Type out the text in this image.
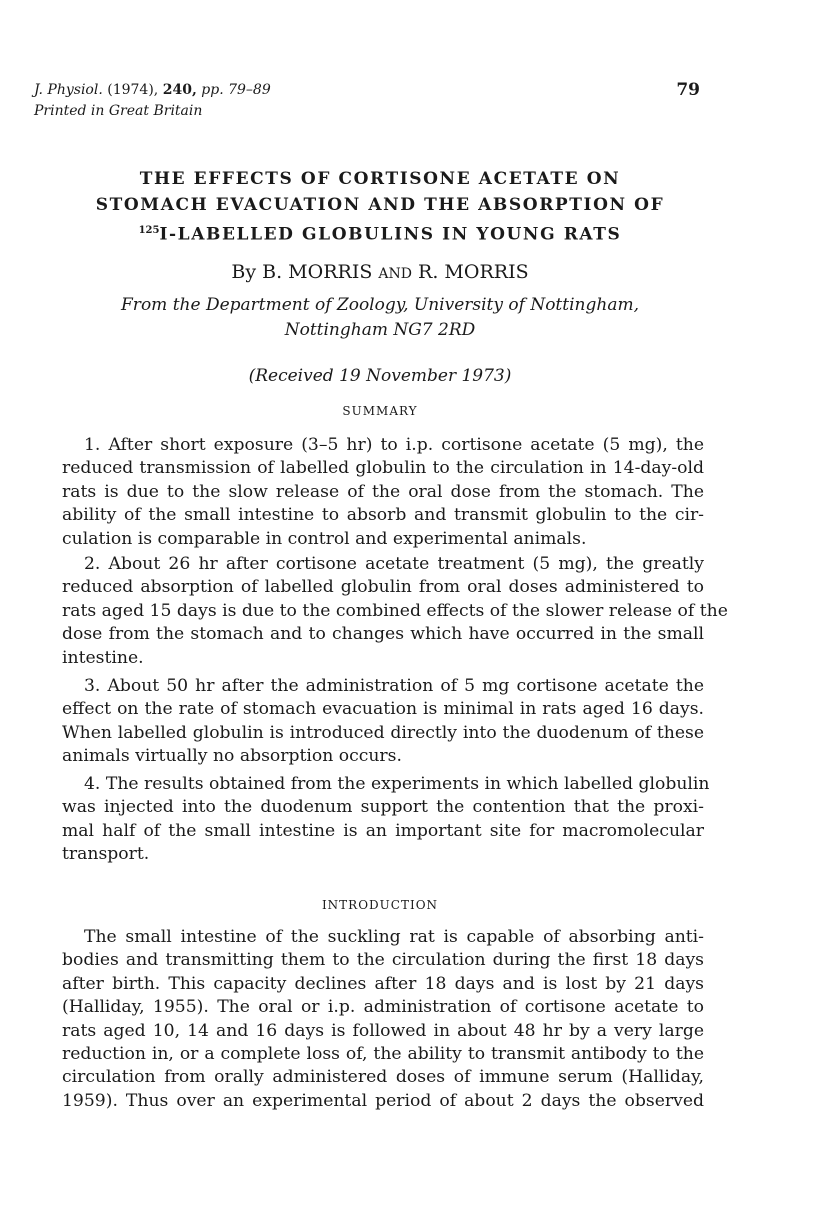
J. Physiol. (1974), 240, pp. 79–89
Printed in Great Britain
79
THE EFFECTS OF CORTISONE ACETATE ON
STOMACH EVACUATION AND THE ABSORPTION OF
$^{125}$I-LABELLED GLOBULINS IN YOUNG RATS
By B. MORRIS AND R. MORRIS
From the Department of Zoology, University of Nottingham,
Nottingham NG7 2RD
(Received 19 November 1973)
SUMMARY
1. After short exposure (3–5 hr) to i.p. cortisone acetate (5 mg), the
reduced transmission of labelled globulin to the circulation in 14-day-old
rats is due to the slow release of the oral dose from the stomach. The
ability of the small intestine to absorb and transmit globulin to the cir-
culation is comparable in control and experimental animals.
2. About 26 hr after cortisone acetate treatment (5 mg), the greatly
reduced absorption of labelled globulin from oral doses administered to
rats aged 15 days is due to the combined effects of the slower release of the
dose from the stomach and to changes which have occurred in the small
intestine.
3. About 50 hr after the administration of 5 mg cortisone acetate the
effect on the rate of stomach evacuation is minimal in rats aged 16 days.
When labelled globulin is introduced directly into the duodenum of these
animals virtually no absorption occurs.
4. The results obtained from the experiments in which labelled globulin
was injected into the duodenum support the contention that the proxi-
mal half of the small intestine is an important site for macromolecular
transport.
INTRODUCTION
The small intestine of the suckling rat is capable of absorbing anti-
bodies and transmitting them to the circulation during the first 18 days
after birth. This capacity declines after 18 days and is lost by 21 days
(Halliday, 1955). The oral or i.p. administration of cortisone acetate to
rats aged 10, 14 and 16 days is followed in about 48 hr by a very large
reduction in, or a complete loss of, the ability to transmit antibody to the
circulation from orally administered doses of immune serum (Halliday,
1959). Thus over an experimental period of about 2 days the observed
